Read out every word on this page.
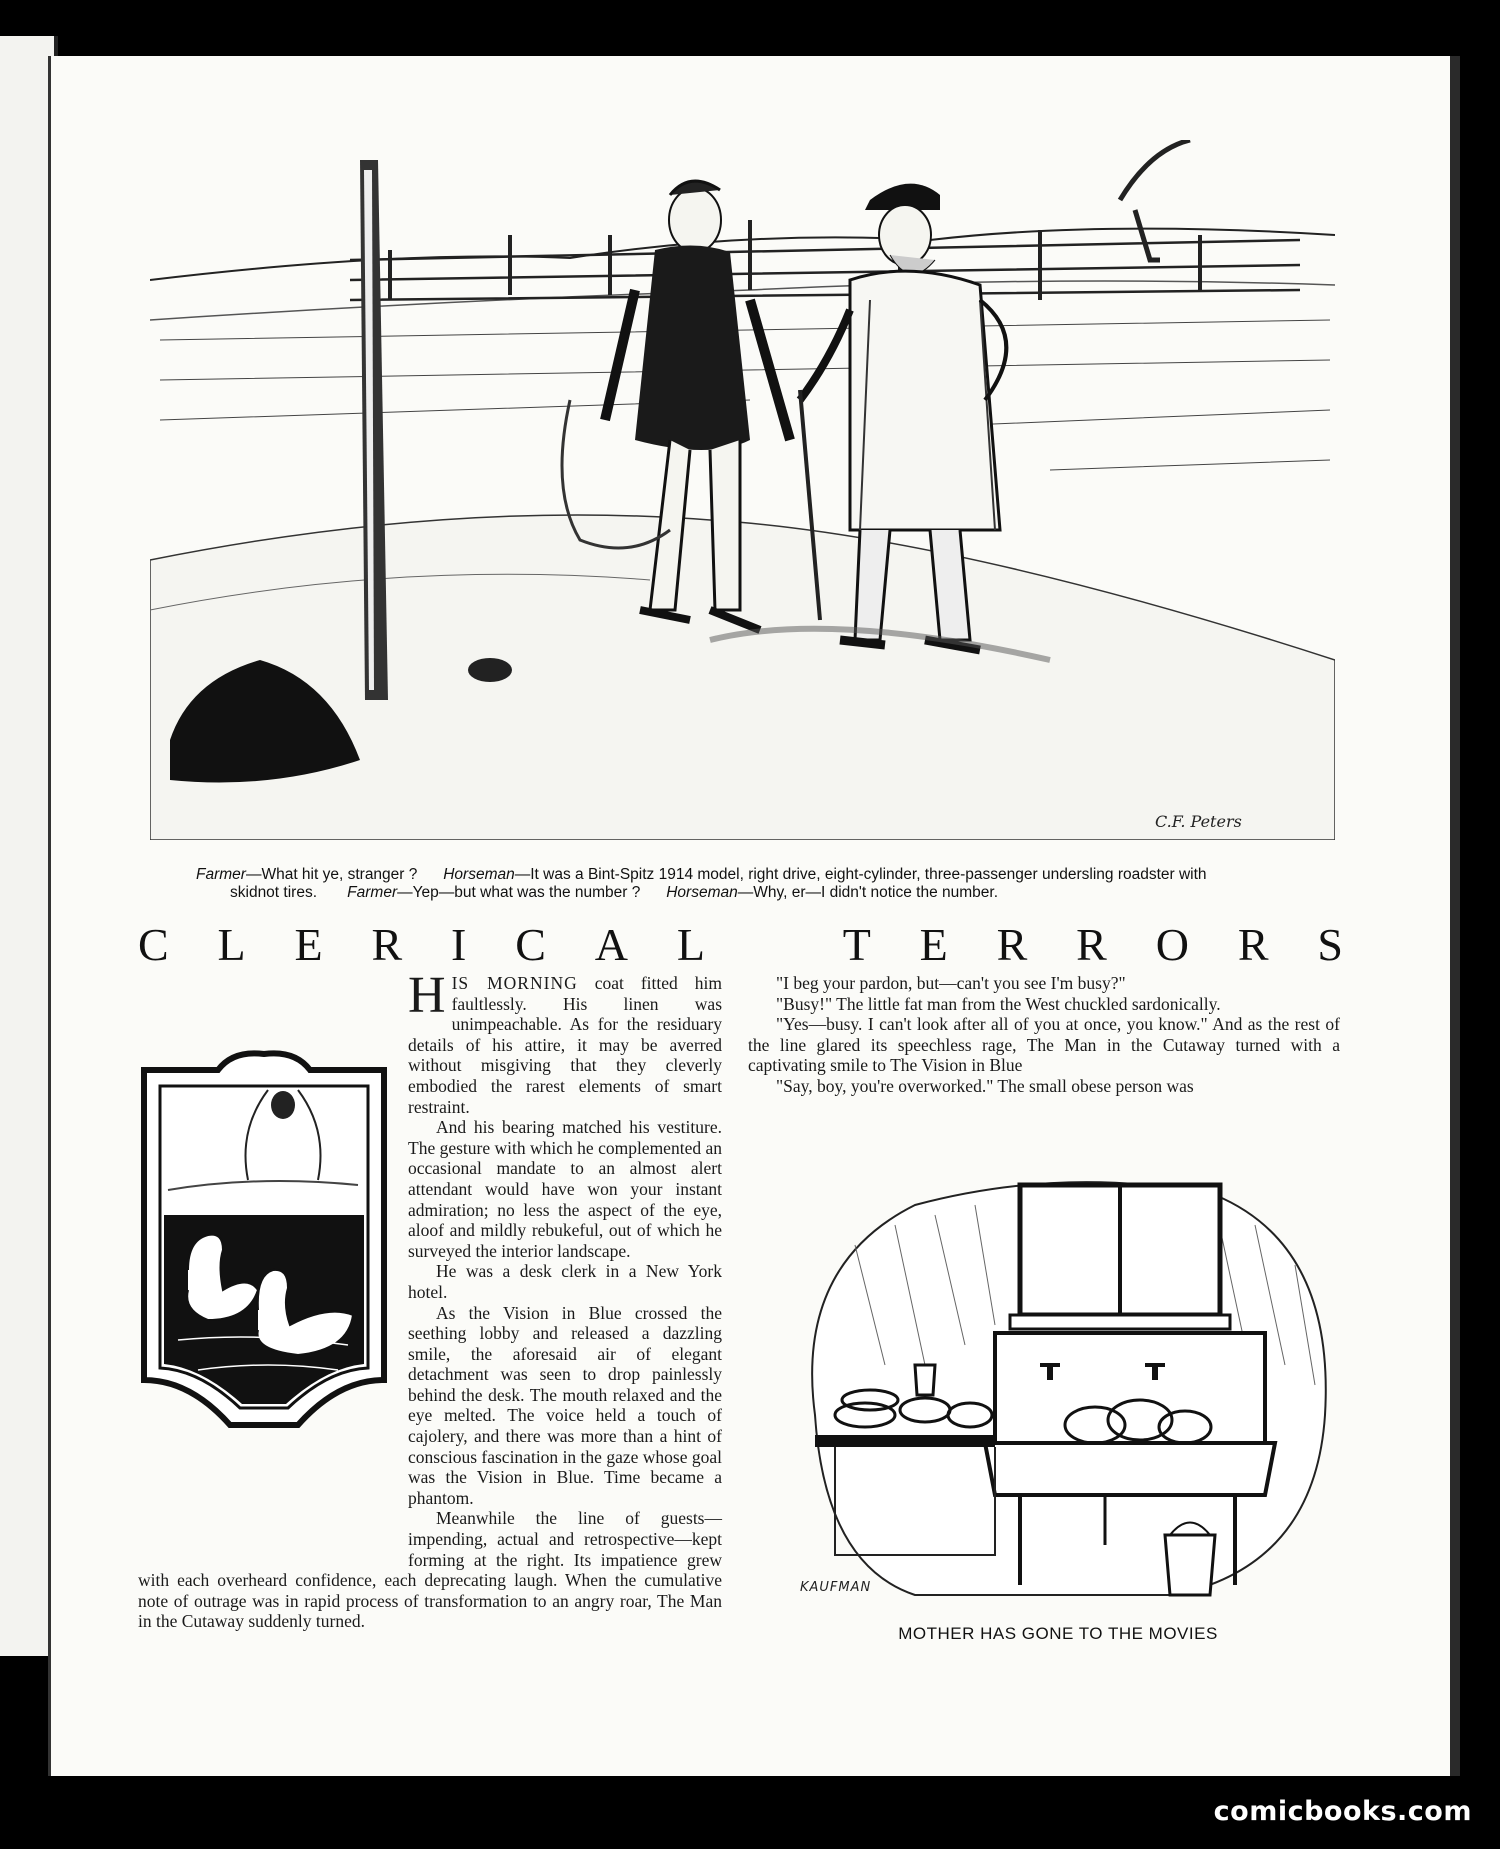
C.F. Peters
Farmer—What hit ye, stranger ? Horseman—It was a Bint-Spitz 1914 model, right drive, eight-cylinder, three-passenger undersling roadster with
skidnot tires. Farmer—Yep—but what was the number ? Horseman—Why, er—I didn't notice the number.
C L E R I C A L	T E R R O R S

HIS MORNING coat fitted him faultlessly. His linen was unimpeachable. As for the residuary details of his attire, it may be averred without misgiving that they cleverly embodied the rarest elements of smart restraint.

And his bearing matched his vestiture. The gesture with which he complemented an occasional mandate to an almost alert attendant would have won your instant admiration; no less the aspect of the eye, aloof and mildly rebukeful, out of which he surveyed the interior landscape.

He was a desk clerk in a New York hotel.

As the Vision in Blue crossed the seething lobby and released a dazzling smile, the aforesaid air of elegant detachment was seen to drop painlessly behind the desk. The mouth relaxed and the eye melted. The voice held a touch of cajolery, and there was more than a hint of conscious fascination in the gaze whose goal was the Vision in Blue. Time became a phantom.

Meanwhile the line of guests—impending, actual and retrospective—kept forming at the right. Its impatience grew with each overheard confidence, each deprecating laugh. When the cumulative note of outrage was in rapid process of transformation to an angry roar, The Man in the Cutaway suddenly turned.

"I beg your pardon, but—can't you see I'm busy?"

"Busy!" The little fat man from the West chuckled sardonically.

"Yes—busy. I can't look after all of you at once, you know." And as the rest of the line glared its speechless rage, The Man in the Cutaway turned with a captivating smile to The Vision in Blue

"Say, boy, you're overworked." The small obese person was

KAUFMAN
MOTHER HAS GONE TO THE MOVIES
comicbooks.com
